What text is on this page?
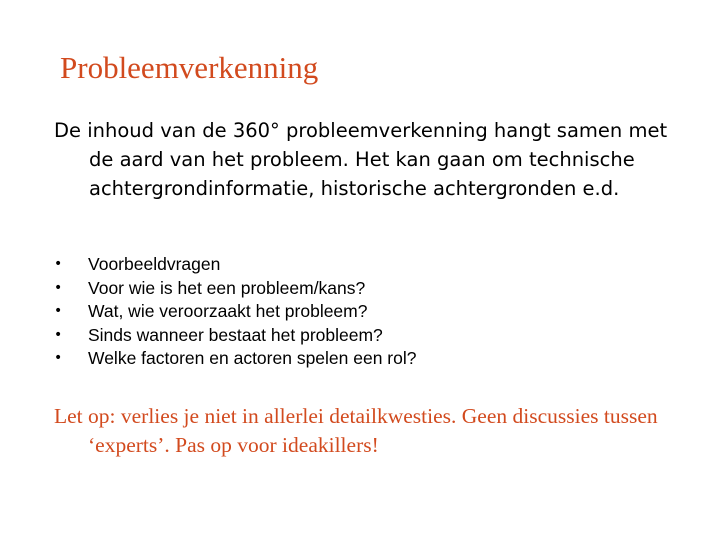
Probleemverkenning
De inhoud van de 360° probleemverkenning hangt samen met de aard van het probleem. Het kan gaan om technische achtergrondinformatie, historische achtergronden e.d.
• Voorbeeldvragen
• Voor wie is het een probleem/kans?
• Wat, wie veroorzaakt het probleem?
• Sinds wanneer bestaat het probleem?
• Welke factoren en actoren spelen een rol?
Let op: verlies je niet in allerlei detailkwesties. Geen discussies tussen ‘experts’. Pas op voor ideakillers!
